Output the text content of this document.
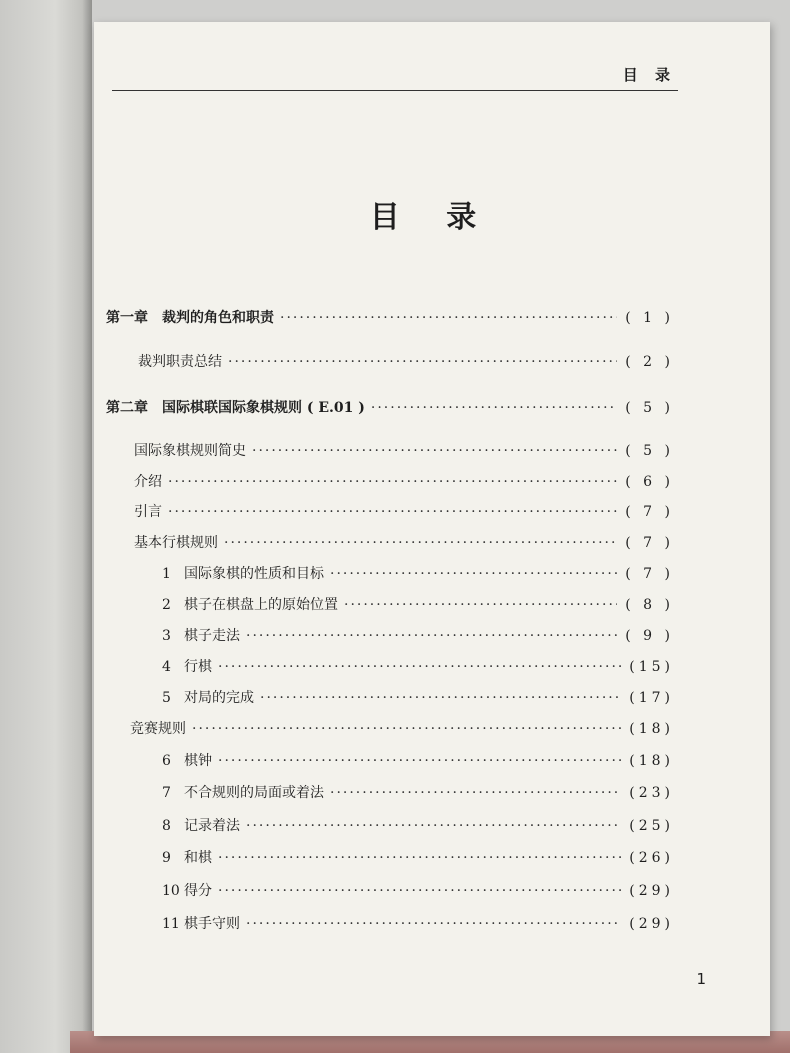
目 录
目 录
第一章　裁判的角色和职责 ·····	( 1 )
裁判职责总结 ·····	( 2 )
第二章　国际棋联国际象棋规则 ( E.01 ) ·····	( 5 )
国际象棋规则简史 ·····	( 5 )
介绍 ·····	( 6 )
引言 ·····	( 7 )
基本行棋规则 ·····	( 7 )
1 国际象棋的性质和目标 ·····	( 7 )
2 棋子在棋盘上的原始位置 ·····	( 8 )
3 棋子走法 ·····	( 9 )
4 行棋 ·····	(15)
5 对局的完成 ·····	(17)
竞赛规则 ·····	(18)
6 棋钟 ·····	(18)
7 不合规则的局面或着法 ·····	(23)
8 记录着法 ·····	(25)
9 和棋 ·····	(26)
10 得分 ·····	(29)
11 棋手守则 ·····	(29)
1
